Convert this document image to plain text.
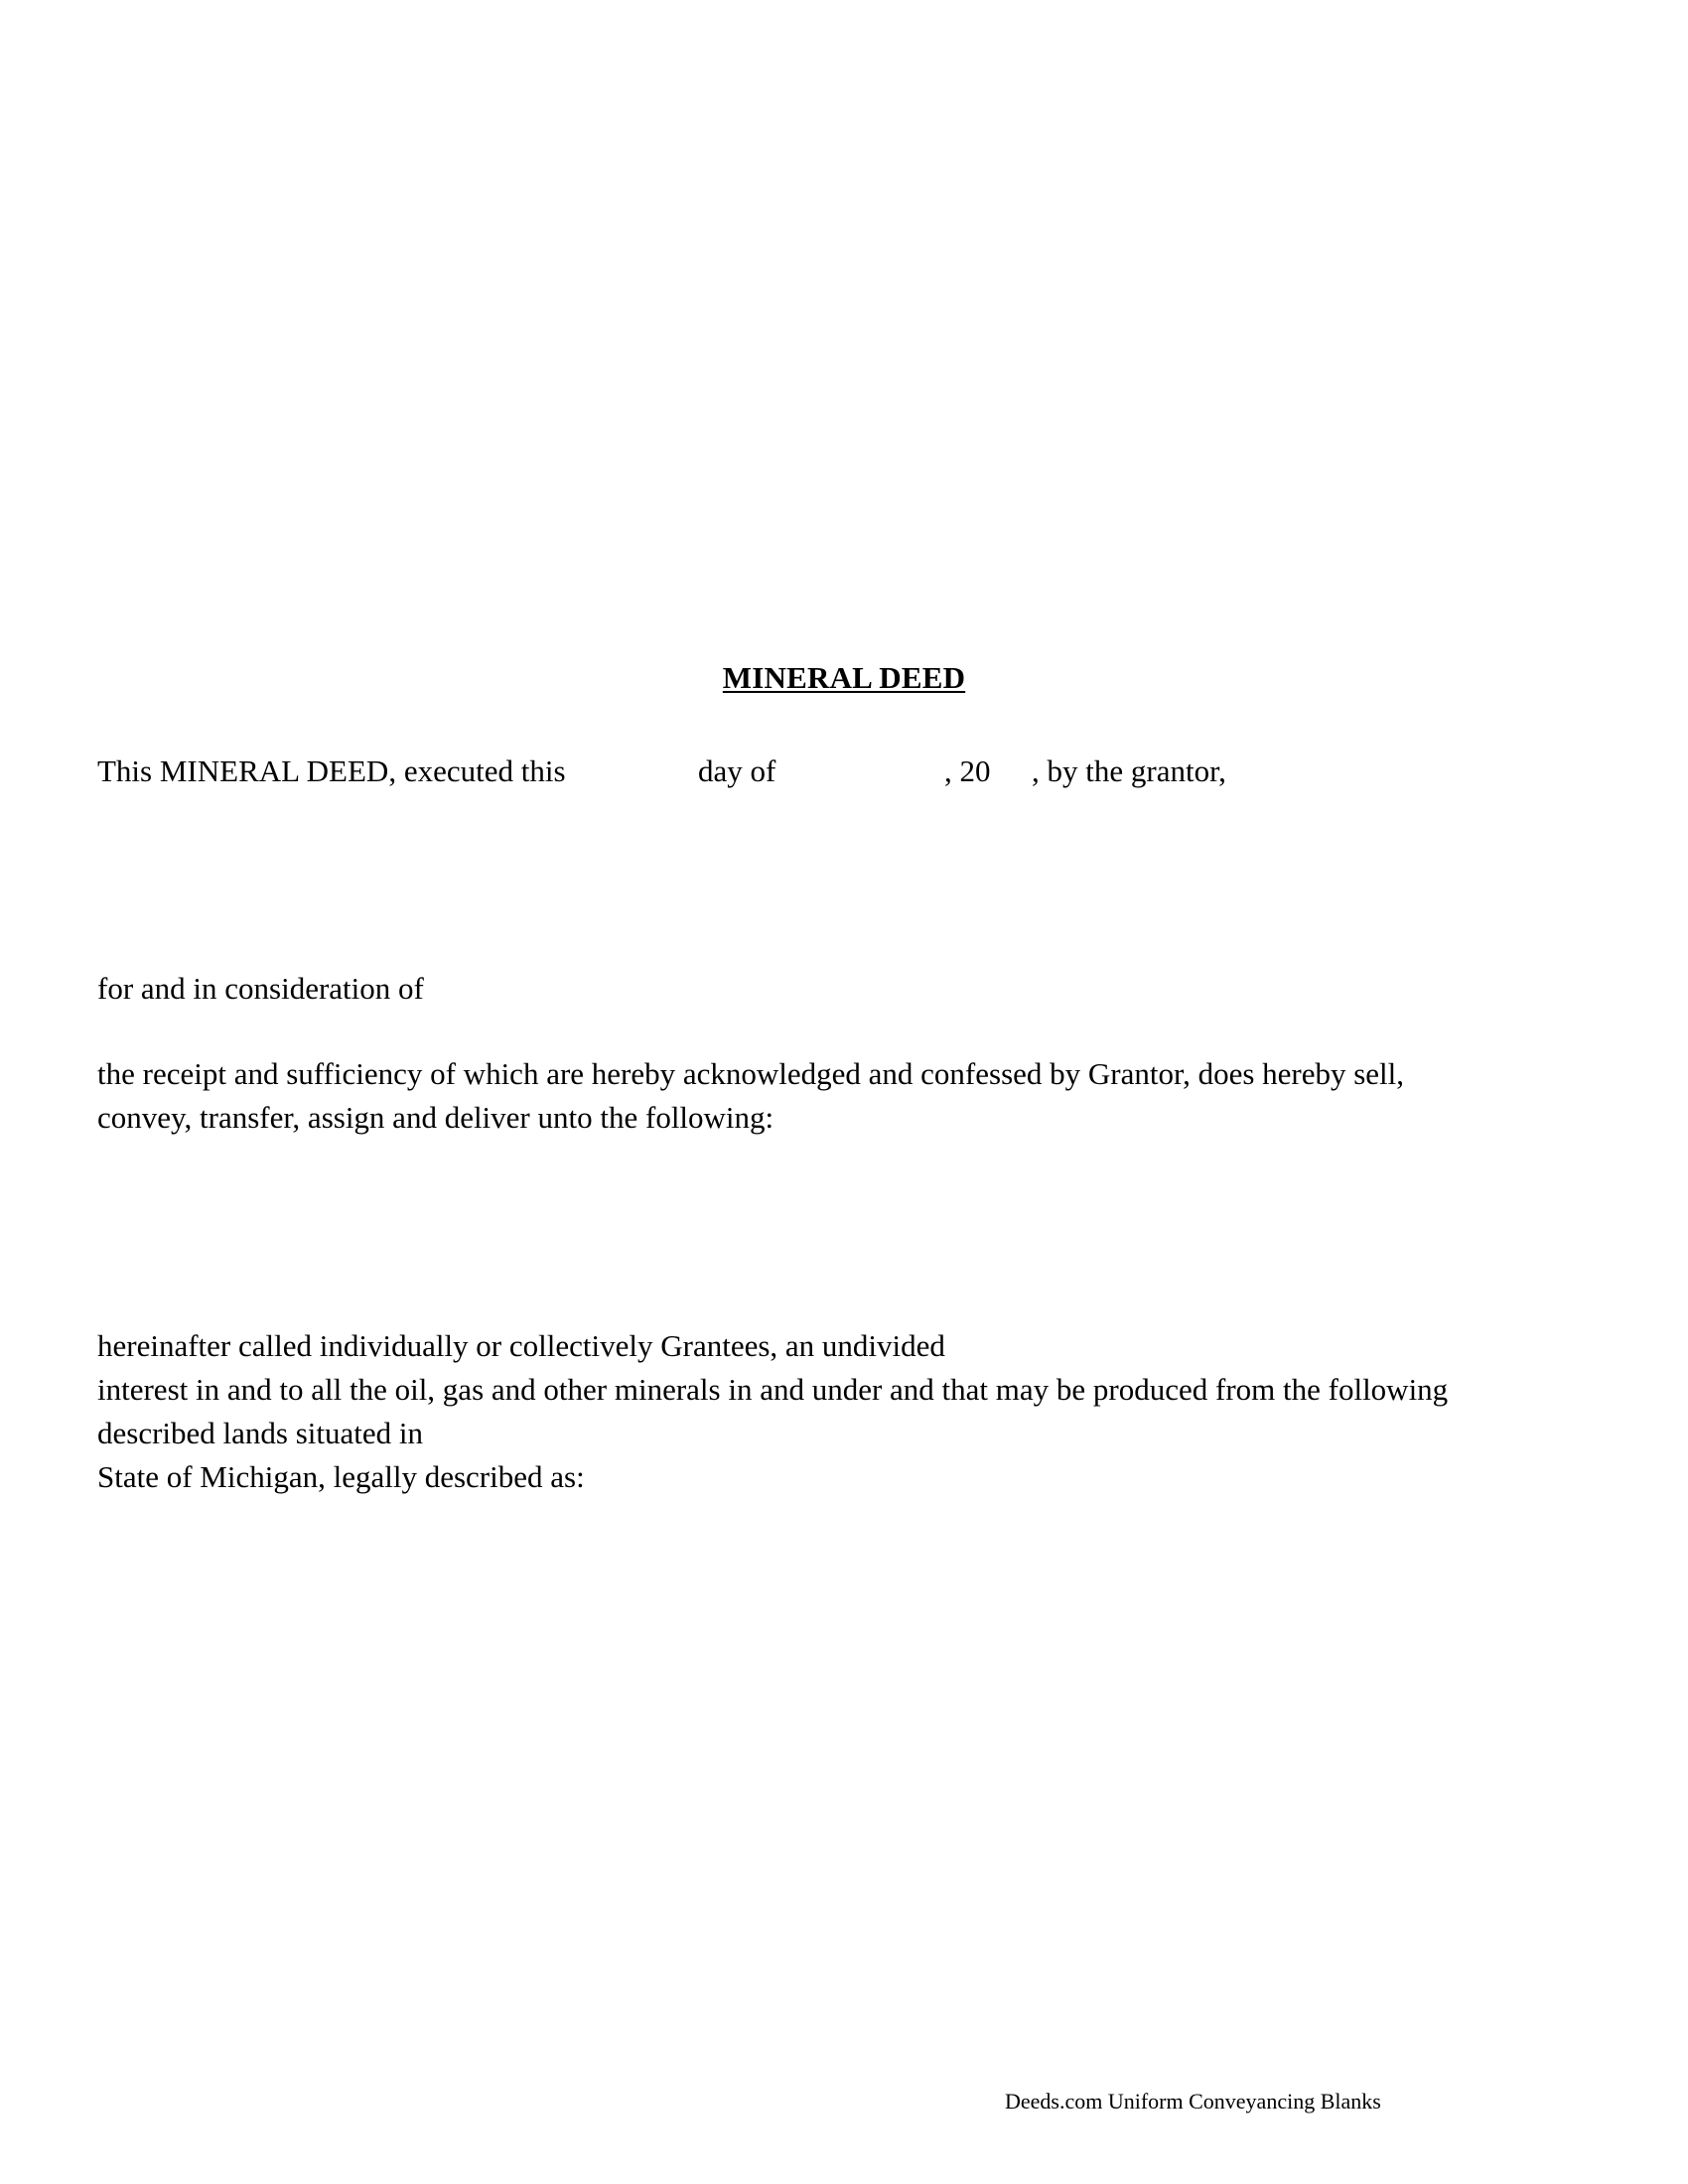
MINERAL DEED
This MINERAL DEED, executed this	day of	, 20 , by the grantor,
for and in consideration of
the receipt and sufficiency of which are hereby acknowledged and confessed by Grantor, does hereby sell,
convey, transfer, assign and deliver unto the following:
hereinafter called individually or collectively Grantees, an undivided
interest in and to all the oil, gas and other minerals in and under and that may be produced from the following
described lands situated in
State of Michigan, legally described as:
Deeds.com Uniform Conveyancing Blanks
